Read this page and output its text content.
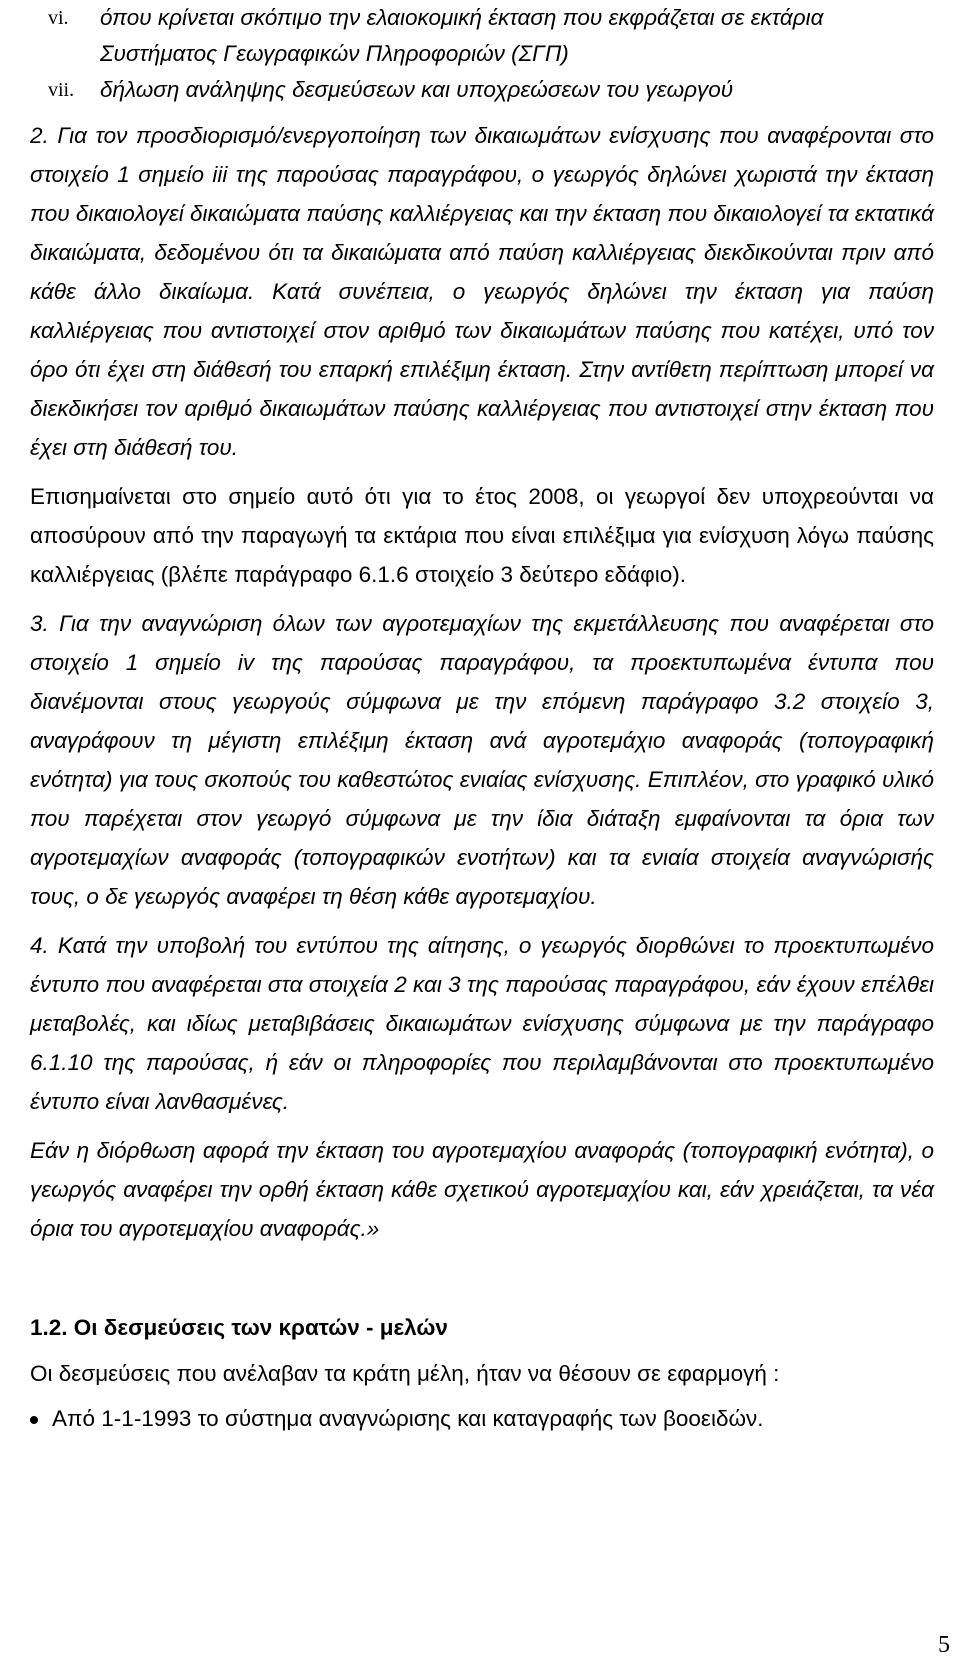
vi. όπου κρίνεται σκόπιμο την ελαιοκομική έκταση που εκφράζεται σε εκτάρια Συστήματος Γεωγραφικών Πληροφοριών (ΣΓΠ)
vii. δήλωση ανάληψης δεσμεύσεων και υποχρεώσεων του γεωργού

2. Για τον προσδιορισμό/ενεργοποίηση των δικαιωμάτων ενίσχυσης που αναφέρονται στο στοιχείο 1 σημείο iii της παρούσας παραγράφου, ο γεωργός δηλώνει χωριστά την έκταση που δικαιολογεί δικαιώματα παύσης καλλιέργειας και την έκταση που δικαιολογεί τα εκτατικά δικαιώματα, δεδομένου ότι τα δικαιώματα από παύση καλλιέργειας διεκδικούνται πριν από κάθε άλλο δικαίωμα. Κατά συνέπεια, ο γεωργός δηλώνει την έκταση για παύση καλλιέργειας που αντιστοιχεί στον αριθμό των δικαιωμάτων παύσης που κατέχει, υπό τον όρο ότι έχει στη διάθεσή του επαρκή επιλέξιμη έκταση. Στην αντίθετη περίπτωση μπορεί να διεκδικήσει τον αριθμό δικαιωμάτων παύσης καλλιέργειας που αντιστοιχεί στην έκταση που έχει στη διάθεσή του.

Επισημαίνεται στο σημείο αυτό ότι για το έτος 2008, οι γεωργοί δεν υποχρεούνται να αποσύρουν από την παραγωγή τα εκτάρια που είναι επιλέξιμα για ενίσχυση λόγω παύσης καλλιέργειας (βλέπε παράγραφο 6.1.6 στοιχείο 3 δεύτερο εδάφιο).

3. Για την αναγνώριση όλων των αγροτεμαχίων της εκμετάλλευσης που αναφέρεται στο στοιχείο 1 σημείο iv της παρούσας παραγράφου, τα προεκτυπωμένα έντυπα που διανέμονται στους γεωργούς σύμφωνα με την επόμενη παράγραφο 3.2 στοιχείο 3, αναγράφουν τη μέγιστη επιλέξιμη έκταση ανά αγροτεμάχιο αναφοράς (τοπογραφική ενότητα) για τους σκοπούς του καθεστώτος ενιαίας ενίσχυσης. Επιπλέον, στο γραφικό υλικό που παρέχεται στον γεωργό σύμφωνα με την ίδια διάταξη εμφαίνονται τα όρια των αγροτεμαχίων αναφοράς (τοπογραφικών ενοτήτων) και τα ενιαία στοιχεία αναγνώρισής τους, ο δε γεωργός αναφέρει τη θέση κάθε αγροτεμαχίου.

4. Κατά την υποβολή του εντύπου της αίτησης, ο γεωργός διορθώνει το προεκτυπωμένο έντυπο που αναφέρεται στα στοιχεία 2 και 3 της παρούσας παραγράφου, εάν έχουν επέλθει μεταβολές, και ιδίως μεταβιβάσεις δικαιωμάτων ενίσχυσης σύμφωνα με την παράγραφο 6.1.10 της παρούσας, ή εάν οι πληροφορίες που περιλαμβάνονται στο προεκτυπωμένο έντυπο είναι λανθασμένες.

Εάν η διόρθωση αφορά την έκταση του αγροτεμαχίου αναφοράς (τοπογραφική ενότητα), ο γεωργός αναφέρει την ορθή έκταση κάθε σχετικού αγροτεμαχίου και, εάν χρειάζεται, τα νέα όρια του αγροτεμαχίου αναφοράς.»

1.2. Οι δεσμεύσεις των κρατών - μελών
Οι δεσμεύσεις που ανέλαβαν τα κράτη μέλη, ήταν να θέσουν σε εφαρμογή :
Από 1-1-1993 το σύστημα αναγνώρισης και καταγραφής των βοοειδών.
5
